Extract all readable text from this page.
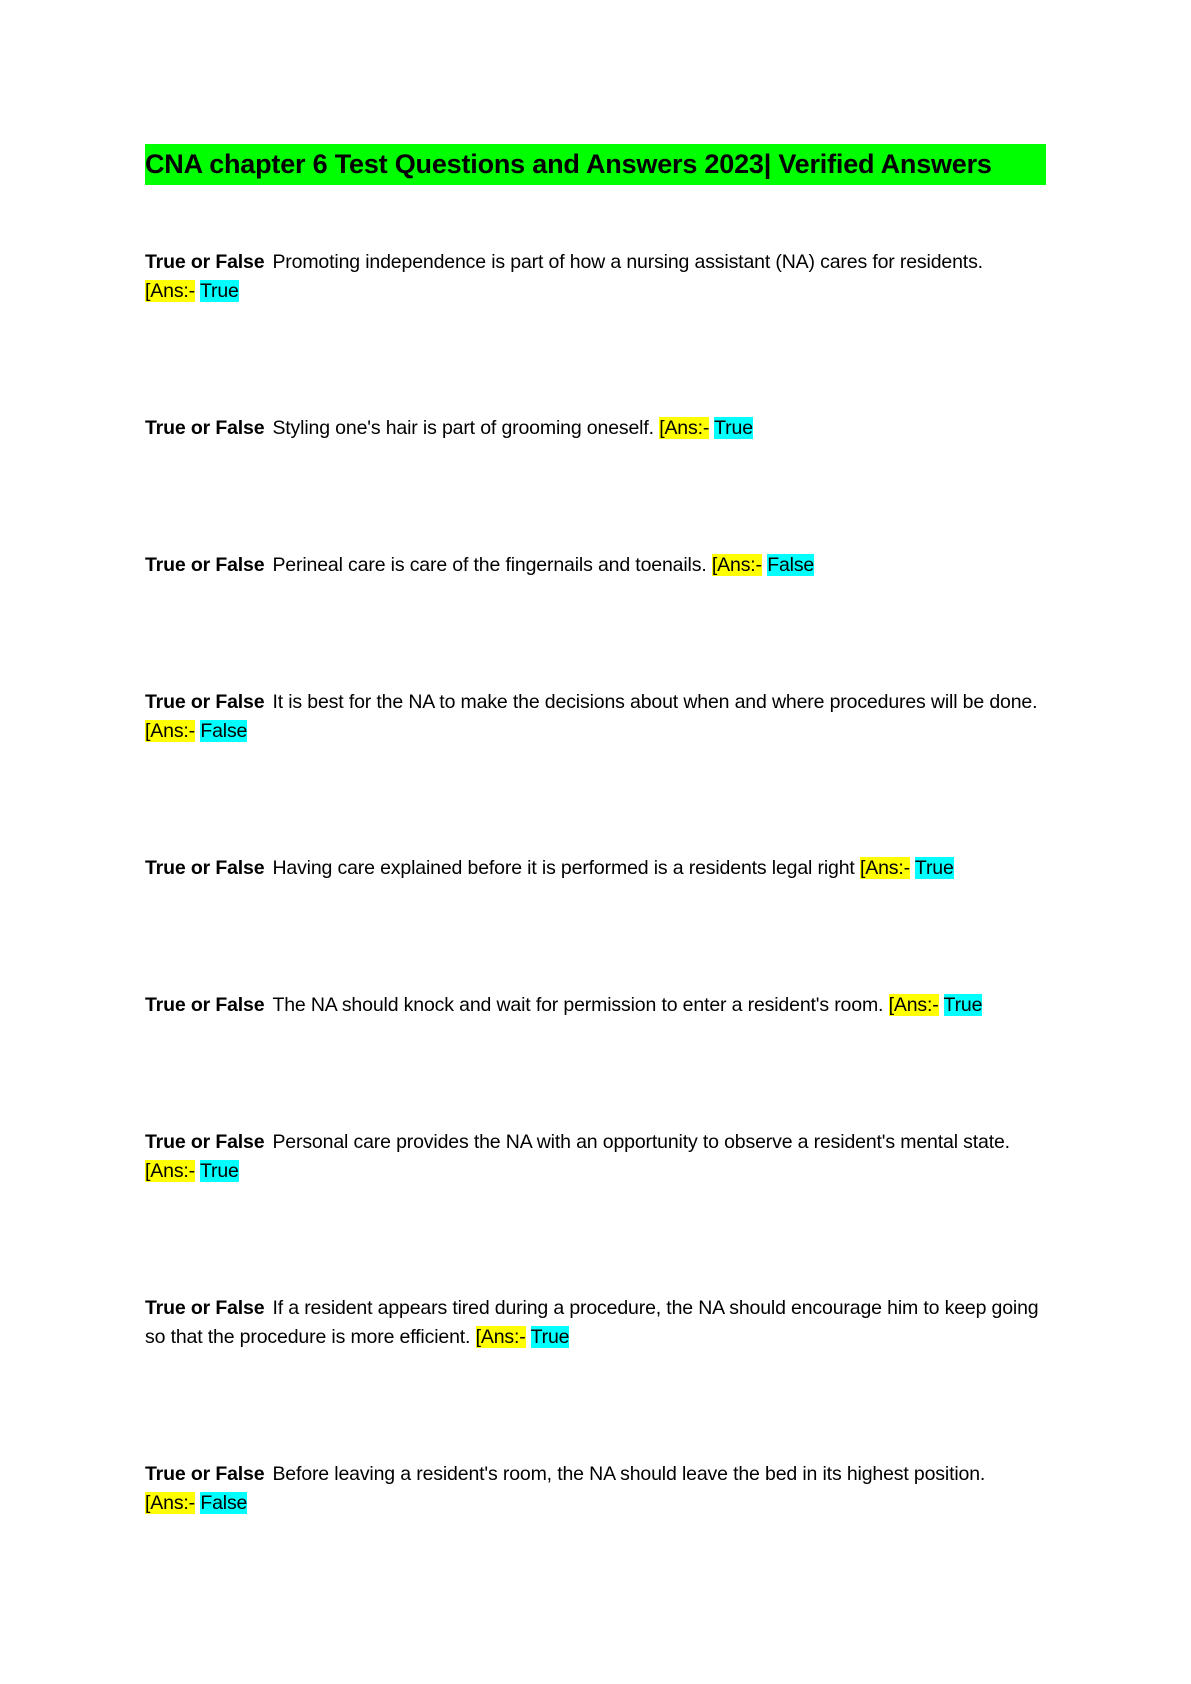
CNA chapter 6 Test Questions and Answers 2023| Verified Answers
True or False Promoting independence is part of how a nursing assistant (NA) cares for residents.
[Ans:- True
True or False Styling one's hair is part of grooming oneself. [Ans:- True
True or False Perineal care is care of the fingernails and toenails. [Ans:- False
True or False It is best for the NA to make the decisions about when and where procedures will be done. [Ans:- False
True or False Having care explained before it is performed is a residents legal right [Ans:- True
True or False The NA should knock and wait for permission to enter a resident's room. [Ans:- True
True or False Personal care provides the NA with an opportunity to observe a resident's mental state. [Ans:- True
True or False If a resident appears tired during a procedure, the NA should encourage him to keep going so that the procedure is more efficient. [Ans:- True
True or False Before leaving a resident's room, the NA should leave the bed in its highest position.
[Ans:- False
